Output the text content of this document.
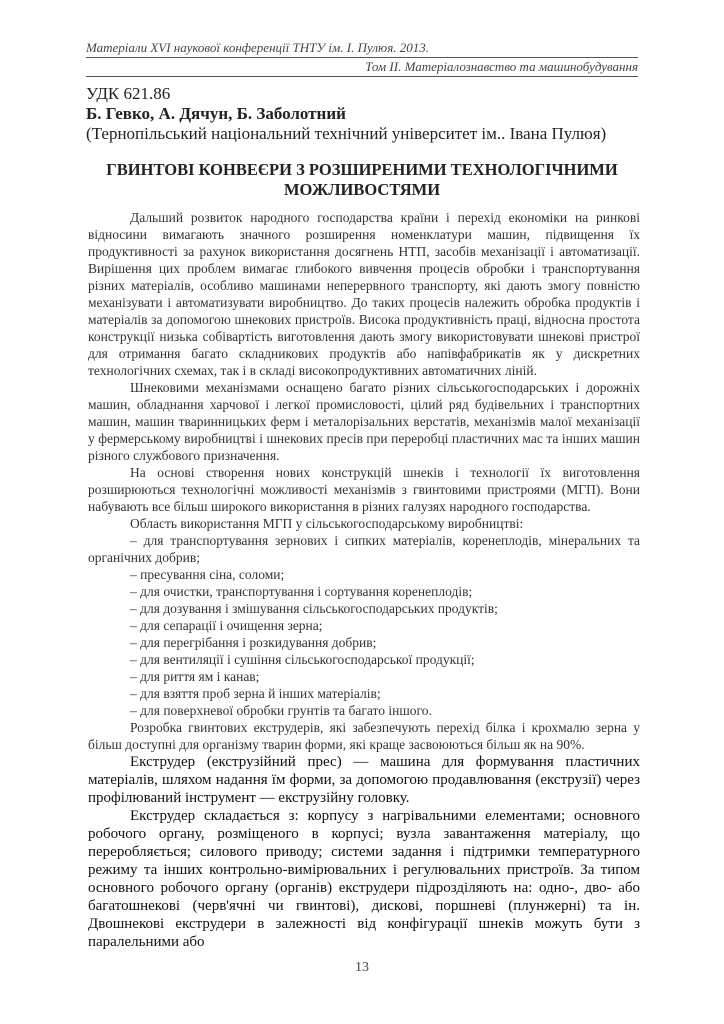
Матеріали XVІ наукової конференції ТНТУ ім. І. Пулюя. 2013.
Том ІІ. Матеріалознавство та машинобудування
УДК 621.86
Б. Гевко, А. Дячун, Б. Заболотний
(Тернопільський національний технічний університет ім.. Івана Пулюя)
ГВИНТОВІ КОНВЕЄРИ З РОЗШИРЕНИМИ ТЕХНОЛОГІЧНИМИ МОЖЛИВОСТЯМИ

Дальший розвиток народного господарства країни і перехід економіки на ринкові відносини вимагають значного розширення номенклатури машин, підвищення їх продуктивності за рахунок використання досягнень НТП, засобів механізації і автоматизації. Вирішення цих проблем вимагає глибокого вивчення процесів обробки і транспортування різних матеріалів, особливо машинами неперервного транспорту, які дають змогу повністю механізувати і автоматизувати виробництво. До таких процесів належить обробка продуктів і матеріалів за допомогою шнекових пристроїв. Висока продуктивність праці, відносна простота конструкції низька собівартість виготовлення дають змогу використовувати шнекові пристрої для отримання багато складникових продуктів або напівфабрикатів як у дискретних технологічних схемах, так і в складі високопродуктивних автоматичних ліній.

Шнековими механізмами оснащено багато різних сільськогосподарських і дорожніх машин, обладнання харчової і легкої промисловості, цілий ряд будівельних і транспортних машин, машин тваринницьких ферм і металорізальних верстатів, механізмів малої механізації у фермерському виробництві і шнекових пресів при переробці пластичних мас та інших машин різного службового призначення.

На основі створення нових конструкцій шнеків і технології їх виготовлення розширюються технологічні можливості механізмів з гвинтовими пристроями (МГП). Вони набувають все більш широкого використання в різних галузях народного господарства.

Область використання МГП у сільськогосподарському виробництві:

– для транспортування зернових і сипких матеріалів, коренеплодів, мінеральних та органічних добрив;

– пресування сіна, соломи;

– для очистки, транспортування і сортування коренеплодів;

– для дозування і змішування сільськогосподарських продуктів;

– для сепарації і очищення зерна;

– для перегрібання і розкидування добрив;

– для вентиляції і сушіння сільськогосподарської продукції;

– для риття ям і канав;

– для взяття проб зерна й інших матеріалів;

– для поверхневої обробки грунтів та багато іншого.

Розробка гвинтових екструдерів, які забезпечують перехід білка і крохмалю зерна у більш доступні для організму тварин форми, які краще засвоюються більш як на 90%.

Екструдер (екструзійний прес) — машина для формування пластичних матеріалів, шляхом надання їм форми, за допомогою продавлювання (екструзії) через профілюваний інструмент — екструзійну головку.

Екструдер складається з: корпусу з нагрівальними елементами; основного робочого органу, розміщеного в корпусі; вузла завантаження матеріалу, що переробляється; силового приводу; системи задання і підтримки температурного режиму та інших контрольно-вимірювальних і регулювальних пристроїв. За типом основного робочого органу (органів) екструдери підрозділяють на: одно-, дво- або багатошнекові (черв'ячні чи гвинтові), дискові, поршневі (плунжерні) та ін. Двошнекові екструдери в залежності від конфігурації шнеків можуть бути з паралельними або

13
